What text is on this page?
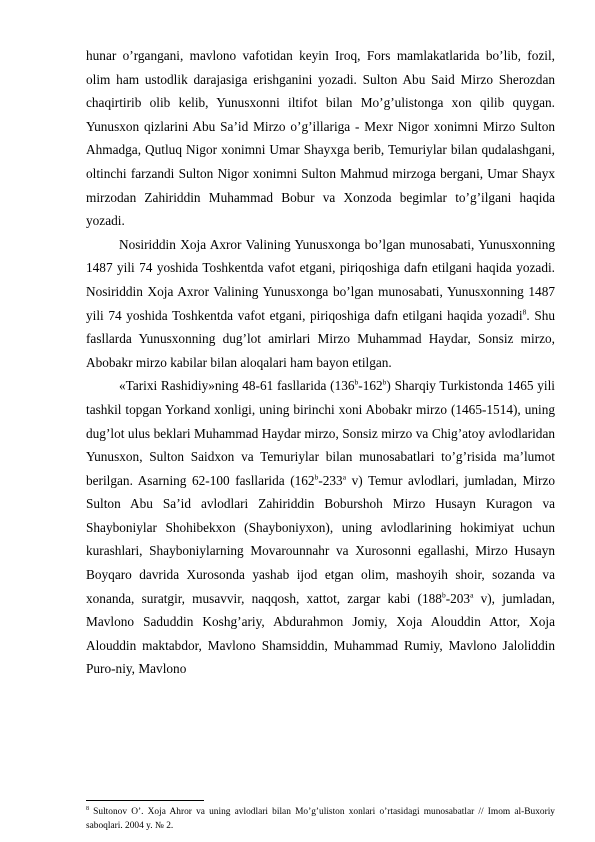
hunar o’rgangani, mavlono vafotidan keyin Iroq, Fors mamlakatlarida bo’lib, fozil, olim ham ustodlik darajasiga erishganini yozadi. Sulton Abu Said Mirzo Sherozdan chaqirtirib olib kelib, Yunusxonni iltifot bilan Mo’g’ulistonga xon qilib quygan. Yunusxon qizlarini Abu Sa’id Mirzo o’g’illariga - Mexr Nigor xonimni Mirzo Sulton Ahmadga, Qutluq Nigor xonimni Umar Shayxga berib, Temuriylar bilan qudalashgani, oltinchi farzandi Sulton Nigor xonimni Sulton Mahmud mirzoga bergani, Umar Shayx mirzodan Zahiriddin Muhammad Bobur va Xonzoda begimlar to’g’ilgani haqida yozadi.

Nosiriddin Xoja Axror Valining Yunusxonga bo’lgan munosabati, Yunusxonning 1487 yili 74 yoshida Toshkentda vafot etgani, piriqoshiga dafn etilgani haqida yozadi. Nosiriddin Xoja Axror Valining Yunusxonga bo’lgan munosabati, Yunusxonning 1487 yili 74 yoshida Toshkentda vafot etgani, piriqoshiga dafn etilgani haqida yozadi$^8$. Shu fasllarda Yunusxonning dug’lot amirlari Mirzo Muhammad Haydar, Sonsiz mirzo, Abobakr mirzo kabilar bilan aloqalari ham bayon etilgan.

«Tarixi Rashidiy»ning 48-61 fasllarida (136$^b$-162$^b$) Sharqiy Turkistonda 1465 yili tashkil topgan Yorkand xonligi, uning birinchi xoni Abobakr mirzo (1465-1514), uning dug’lot ulus beklari Muhammad Haydar mirzo, Sonsiz mirzo va Chig’atoy avlodlaridan Yunusxon, Sulton Saidxon va Temuriylar bilan munosabatlari to’g’risida ma’lumot berilgan. Asarning 62-100 fasllarida (162$^b$-233$^a$ v) Temur avlodlari, jumladan, Mirzo Sulton Abu Sa’id avlodlari Zahiriddin Boburshoh Mirzo Husayn Kuragon va Shayboniylar Shohibekxon (Shayboniyxon), uning avlodlarining hokimiyat uchun kurashlari, Shayboniylarning Movarounnahr va Xurosonni egallashi, Mirzo Husayn Boyqaro davrida Xurosonda yashab ijod etgan olim, mashoyih shoir, sozanda va xonanda, suratgir, musavvir, naqqosh, xattot, zargar kabi (188$^b$-203$^a$ v), jumladan, Mavlono Saduddin Koshg’ariy, Abdurahmon Jomiy, Xoja Alouddin Attor, Xoja Alouddin maktabdor, Mavlono Shamsiddin, Muhammad Rumiy, Mavlono Jaloliddin Puro-niy, Mavlono

$^8$ Sultonov O’. Xoja Ahror va uning avlodlari bilan Mo’g’uliston xonlari o’rtasidagi munosabatlar // Imom al-Buxoriy saboqlari. 2004 y. № 2.
